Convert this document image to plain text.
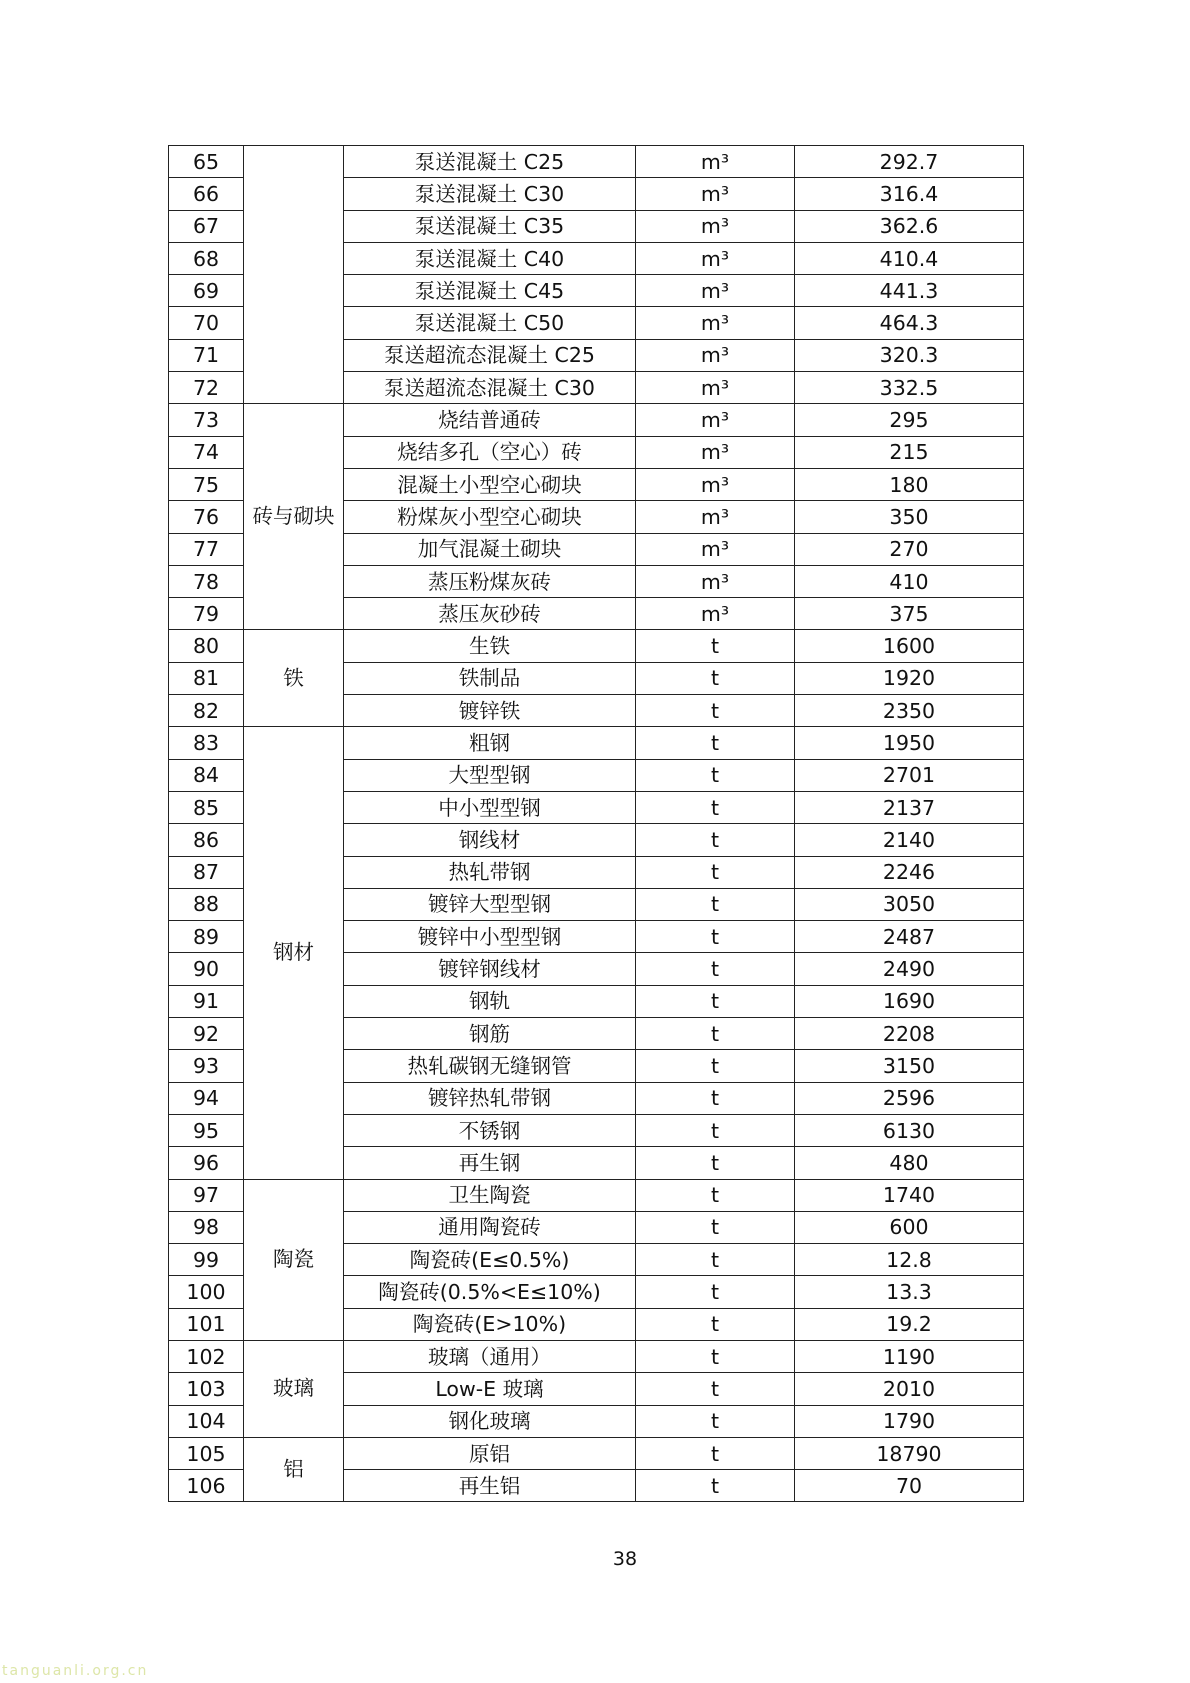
65		泵送混凝土 C25	m³	292.7
66		泵送混凝土 C30	m³	316.4
67		泵送混凝土 C35	m³	362.6
68		泵送混凝土 C40	m³	410.4
69		泵送混凝土 C45	m³	441.3
70		泵送混凝土 C50	m³	464.3
71		泵送超流态混凝土 C25	m³	320.3
72		泵送超流态混凝土 C30	m³	332.5
73	砖与砌块	烧结普通砖	m³	295
74		烧结多孔（空心）砖	m³	215
75		混凝土小型空心砌块	m³	180
76		粉煤灰小型空心砌块	m³	350
77		加气混凝土砌块	m³	270
78		蒸压粉煤灰砖	m³	410
79		蒸压灰砂砖	m³	375
80	铁	生铁	t	1600
81		铁制品	t	1920
82		镀锌铁	t	2350
83	钢材	粗钢	t	1950
84		大型型钢	t	2701
85		中小型型钢	t	2137
86		钢线材	t	2140
87		热轧带钢	t	2246
88		镀锌大型型钢	t	3050
89		镀锌中小型型钢	t	2487
90		镀锌钢线材	t	2490
91		钢轨	t	1690
92		钢筋	t	2208
93		热轧碳钢无缝钢管	t	3150
94		镀锌热轧带钢	t	2596
95		不锈钢	t	6130
96		再生钢	t	480
97	陶瓷	卫生陶瓷	t	1740
98		通用陶瓷砖	t	600
99		陶瓷砖(E≤0.5%)	t	12.8
100		陶瓷砖(0.5%<E≤10%)	t	13.3
101		陶瓷砖(E>10%)	t	19.2
102	玻璃	玻璃（通用）	t	1190
103		Low-E 玻璃	t	2010
104		钢化玻璃	t	1790
105	铝	原铝	t	18790
106		再生铝	t	70
38
tanguanli.org.cn
